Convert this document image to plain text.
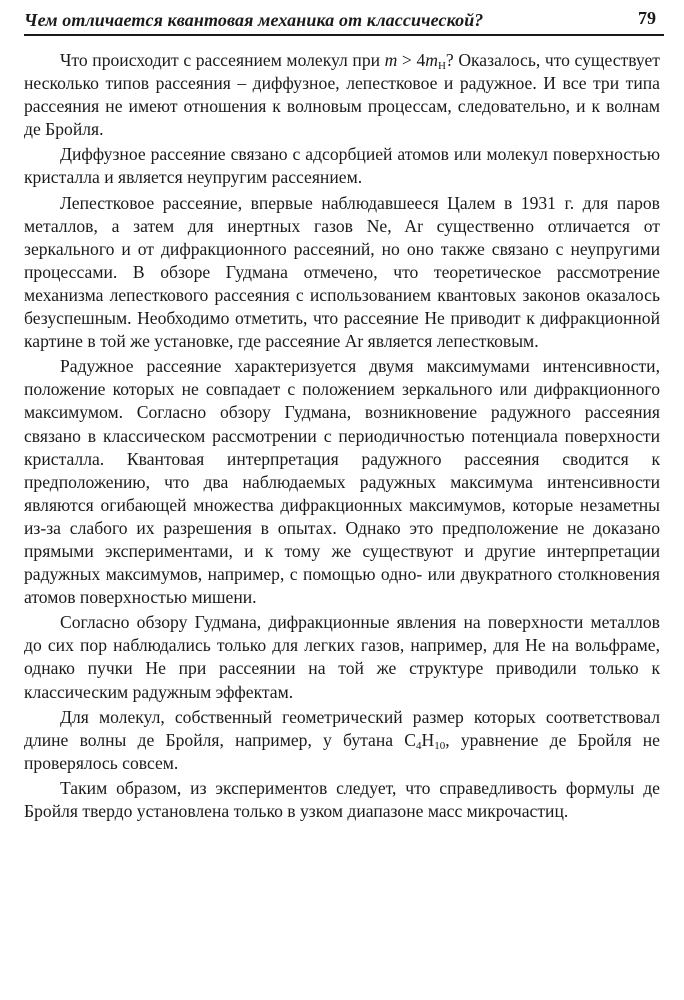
Чем отличается квантовая механика от классической?	79

Что происходит с рассеянием молекул при $m > 4m_H$? Оказалось, что существует несколько типов рассеяния – диффузное, лепестковое и радужное. И все три типа рассеяния не имеют отношения к волновым процессам, следовательно, и к волнам де Бройля.

Диффузное рассеяние связано с адсорбцией атомов или молекул поверхностью кристалла и является неупругим рассеянием.

Лепестковое рассеяние, впервые наблюдавшееся Цалем в 1931 г. для паров металлов, а затем для инертных газов Ne, Ar существенно отличается от зеркального и от дифракционного рассеяний, но оно также связано с неупругими процессами. В обзоре Гудмана отмечено, что теоретическое рассмотрение механизма лепесткового рассеяния с использованием квантовых законов оказалось безуспешным. Необходимо отметить, что рассеяние He приводит к дифракционной картине в той же установке, где рассеяние Ar является лепестковым.

Радужное рассеяние характеризуется двумя максимумами интенсивности, положение которых не совпадает с положением зеркального или дифракционного максимумом. Согласно обзору Гудмана, возникновение радужного рассеяния связано в классическом рассмотрении с периодичностью потенциала поверхности кристалла. Квантовая интерпретация радужного рассеяния сводится к предположению, что два наблюдаемых радужных максимума интенсивности являются огибающей множества дифракционных максимумов, которые незаметны из-за слабого их разрешения в опытах. Однако это предположение не доказано прямыми экспериментами, и к тому же существуют и другие интерпретации радужных максимумов, например, с помощью одно- или двукратного столкновения атомов поверхностью мишени.

Согласно обзору Гудмана, дифракционные явления на поверхности металлов до сих пор наблюдались только для легких газов, например, для He на вольфраме, однако пучки He при рассеянии на той же структуре приводили только к классическим радужным эффектам.

Для молекул, собственный геометрический размер которых соответствовал длине волны де Бройля, например, у бутана $C_4H_{10}$, уравнение де Бройля не проверялось совсем.

Таким образом, из экспериментов следует, что справедливость формулы де Бройля твердо установлена только в узком диапазоне масс микрочастиц.
